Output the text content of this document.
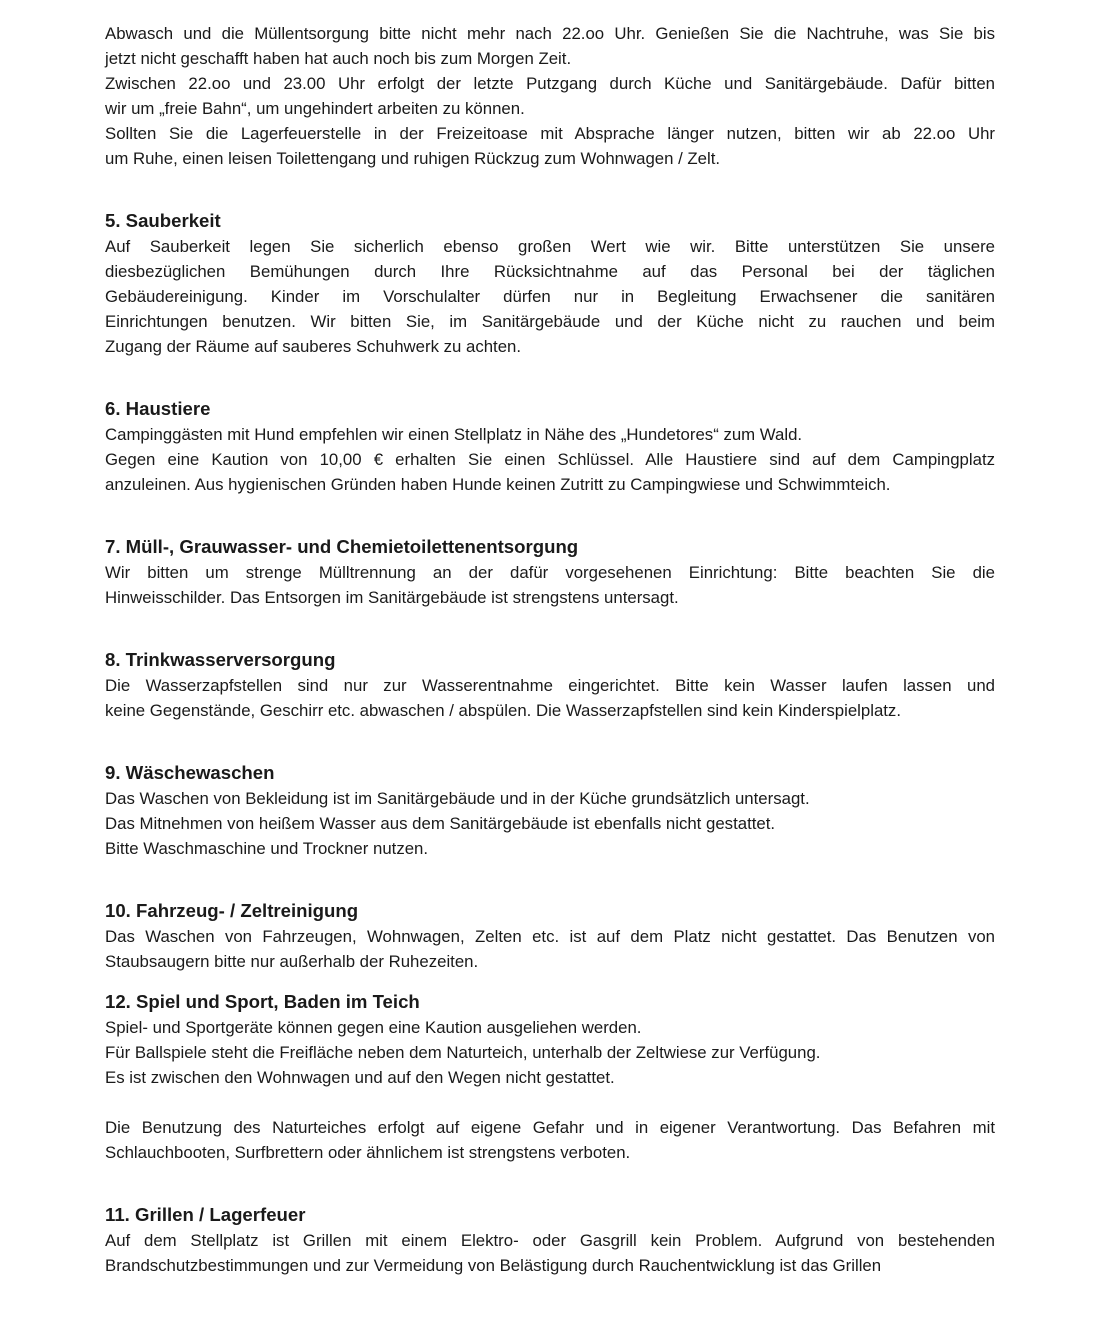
Abwasch und die Müllentsorgung bitte nicht mehr nach 22.oo Uhr. Genießen Sie die Nachtruhe, was Sie bis

jetzt nicht geschafft haben hat auch noch bis zum Morgen Zeit.

Zwischen 22.oo und 23.00 Uhr erfolgt der letzte Putzgang durch Küche und Sanitärgebäude. Dafür bitten

wir um „freie Bahn“, um ungehindert arbeiten zu können.

Sollten Sie die Lagerfeuerstelle in der Freizeitoase mit Absprache länger nutzen, bitten wir ab 22.oo Uhr

um Ruhe, einen leisen Toilettengang und ruhigen Rückzug zum Wohnwagen / Zelt.

5. Sauberkeit

Auf Sauberkeit legen Sie sicherlich ebenso großen Wert wie wir. Bitte unterstützen Sie unsere

diesbezüglichen Bemühungen durch Ihre Rücksichtnahme auf das Personal bei der täglichen

Gebäudereinigung. Kinder im Vorschulalter dürfen nur in Begleitung Erwachsener die sanitären

Einrichtungen benutzen. Wir bitten Sie, im Sanitärgebäude und der Küche nicht zu rauchen und beim

Zugang der Räume auf sauberes Schuhwerk zu achten.

6. Haustiere

Campinggästen mit Hund empfehlen wir einen Stellplatz in Nähe des „Hundetores“ zum Wald.

Gegen eine Kaution von 10,00 € erhalten Sie einen Schlüssel. Alle Haustiere sind auf dem Campingplatz

anzuleinen. Aus hygienischen Gründen haben Hunde keinen Zutritt zu Campingwiese und Schwimmteich.

7. Müll-, Grauwasser- und Chemietoilettenentsorgung

Wir bitten um strenge Mülltrennung an der dafür vorgesehenen Einrichtung: Bitte beachten Sie die

Hinweisschilder. Das Entsorgen im Sanitärgebäude ist strengstens untersagt.

8. Trinkwasserversorgung

Die Wasserzapfstellen sind nur zur Wasserentnahme eingerichtet. Bitte kein Wasser laufen lassen und

keine Gegenstände, Geschirr etc. abwaschen / abspülen. Die Wasserzapfstellen sind kein Kinderspielplatz.

9. Wäschewaschen

Das Waschen von Bekleidung ist im Sanitärgebäude und in der Küche grundsätzlich untersagt.

Das Mitnehmen von heißem Wasser aus dem Sanitärgebäude ist ebenfalls nicht gestattet.

Bitte Waschmaschine und Trockner nutzen.

10. Fahrzeug- / Zeltreinigung

Das Waschen von Fahrzeugen, Wohnwagen, Zelten etc. ist auf dem Platz nicht gestattet. Das Benutzen von

Staubsaugern bitte nur außerhalb der Ruhezeiten.

12. Spiel und Sport, Baden im Teich

Spiel- und Sportgeräte können gegen eine Kaution ausgeliehen werden.

Für Ballspiele steht die Freifläche neben dem Naturteich, unterhalb der Zeltwiese zur Verfügung.

Es ist zwischen den Wohnwagen und auf den Wegen nicht gestattet.

Die Benutzung des Naturteiches erfolgt auf eigene Gefahr und in eigener Verantwortung. Das Befahren mit

Schlauchbooten, Surfbrettern oder ähnlichem ist strengstens verboten.

11. Grillen / Lagerfeuer

Auf dem Stellplatz ist Grillen mit einem Elektro- oder Gasgrill kein Problem. Aufgrund von bestehenden

Brandschutzbestimmungen und zur Vermeidung von Belästigung durch Rauchentwicklung ist das Grillen
